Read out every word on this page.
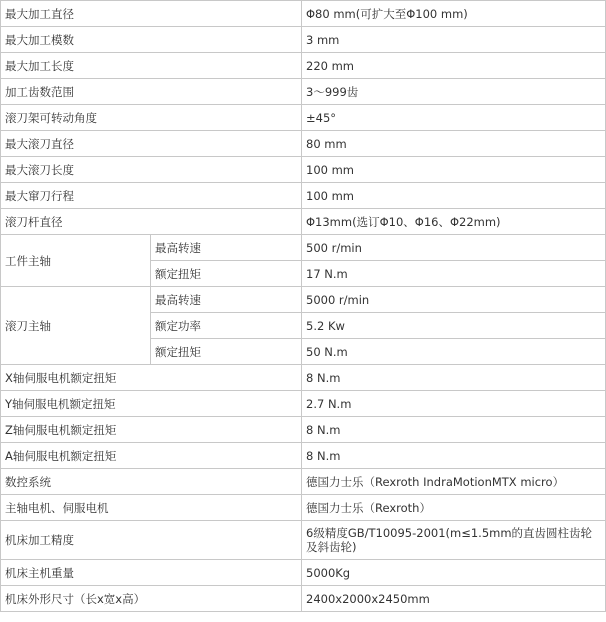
最大加工直径		Φ80 mm(可扩大至Φ100 mm)
最大加工模数		3 mm
最大加工长度		220 mm
加工齿数范围		3～999齿
滚刀架可转动角度		±45°
最大滚刀直径		80 mm
最大滚刀长度		100 mm
最大窜刀行程		100 mm
滚刀杆直径		Φ13mm(选订Φ10、Φ16、Φ22mm)
工件主轴	最高转速	500 r/min
	额定扭矩	17 N.m
滚刀主轴	最高转速	5000 r/min
	额定功率	5.2 Kw
	额定扭矩	50 N.m
X轴伺服电机额定扭矩		8 N.m
Y轴伺服电机额定扭矩		2.7 N.m
Z轴伺服电机额定扭矩		8 N.m
A轴伺服电机额定扭矩		8 N.m
数控系统		德国力士乐（Rexroth IndraMotionMTX micro）
主轴电机、伺服电机		德国力士乐（Rexroth）
机床加工精度		6级精度GB/T10095-2001(m≤1.5mm的直齿圆柱齿轮及斜齿轮)
机床主机重量		5000Kg
机床外形尺寸（长x宽x高）		2400x2000x2450mm
